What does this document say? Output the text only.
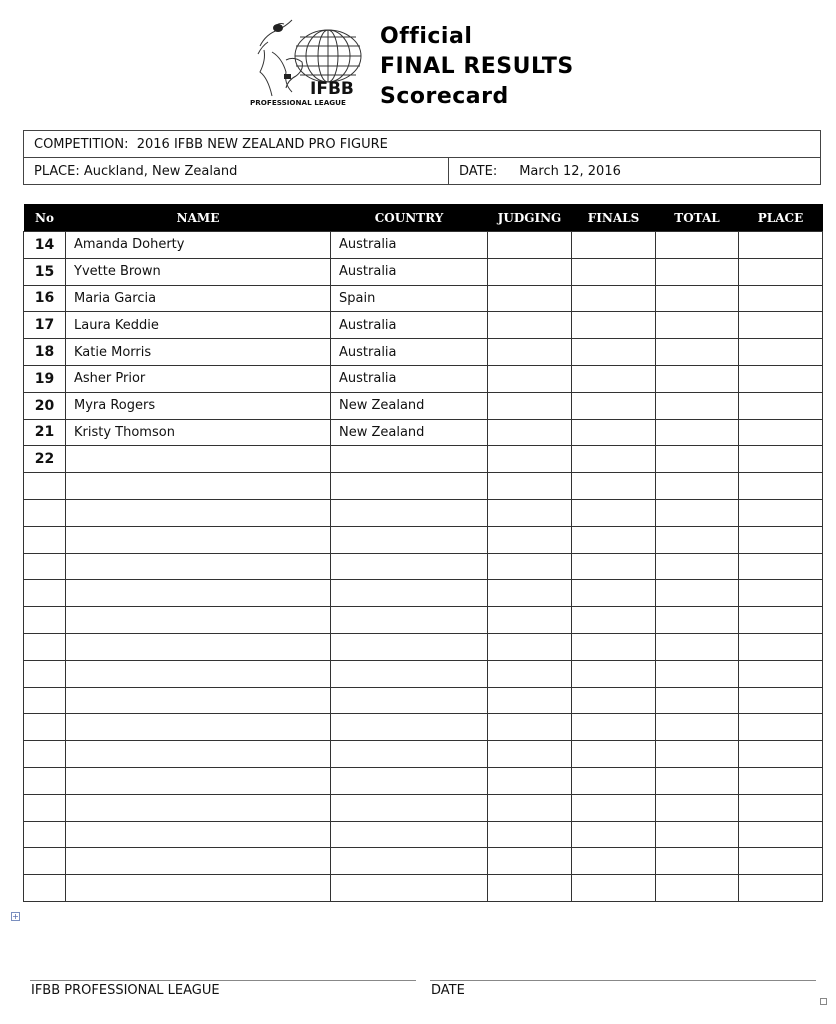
IFBB
PROFESSIONAL LEAGUE
Official
FINAL RESULTS
Scorecard
COMPETITION:
2016 IFBB NEW ZEALAND PRO FIGURE
PLACE:
Auckland, New Zealand	DATE: March 12, 2016
No	NAME	COUNTRY	JUDGING	FINALS	TOTAL	PLACE
14	Amanda Doherty	Australia				
15	Yvette Brown	Australia				
16	Maria Garcia	Spain				
17	Laura Keddie	Australia				
18	Katie Morris	Australia				
19	Asher Prior	Australia				
20	Myra Rogers	New Zealand				
21	Kristy Thomson	New Zealand				
22						

+
IFBB PROFESSIONAL LEAGUE	DATE
